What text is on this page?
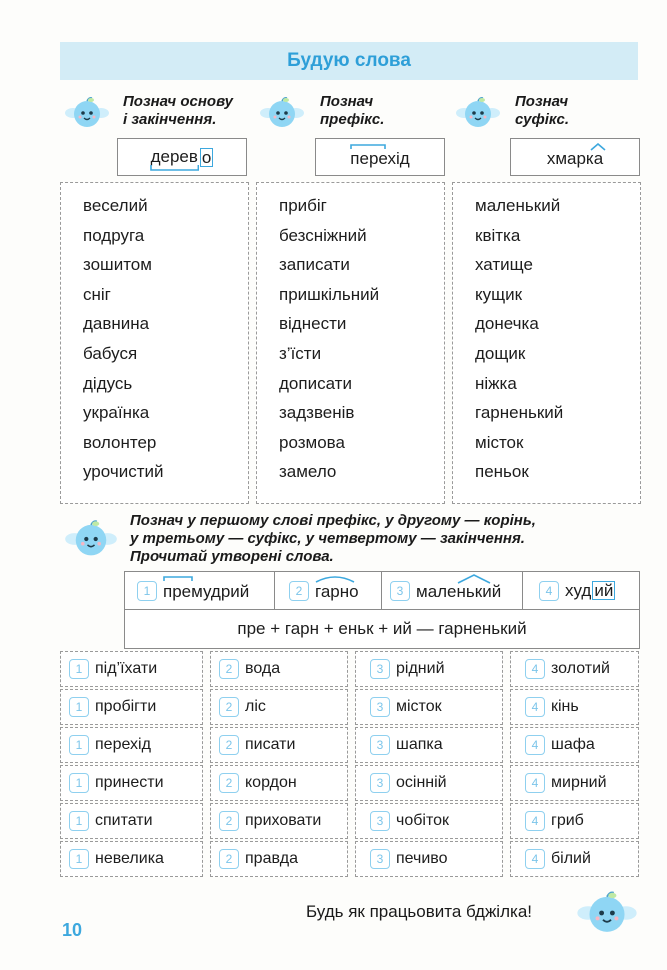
Будую слова
Познач основу
і закінчення.
Познач
префікс.
Познач
суфікс.
дерев о	перехід	хмарка
веселий
подруга
зошитом
сніг
давнина
бабуся
дідусь
українка
волонтер
урочистий
прибіг
безсніжний
записати
пришкільний
віднести
з’їсти
дописати
задзвенів
розмова
замело
маленький
квітка
хатище
кущик
донечка
дощик
ніжка
гарненький
місток
пеньок
Познач у першому слові префікс, у другому — корінь,
у третьому — суфікс, у четвертому — закінчення.
Прочитай утворені слова.
1 премудрий	2 гарно	3 маленький	4 худ ий
пре + гарн + еньк + ий — гарненький
1 під’їхати	2 вода	3 рідний	4 золотий
1 пробігти	2 ліс	3 місток	4 кінь
1 перехід	2 писати	3 шапка	4 шафа
1 принести	2 кордон	3 осінній	4 мирний
1 спитати	2 приховати	3 чобіток	4 гриб
1 невелика	2 правда	3 печиво	4 білий
10
Будь як працьовита бджілка!
